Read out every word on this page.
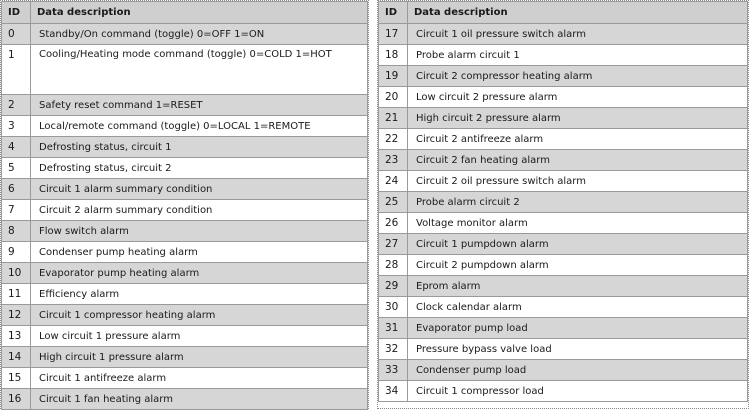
ID	Data description
0	Standby/On command (toggle) 0=OFF 1=ON
1	Cooling/Heating mode command (toggle) 0=COLD 1=HOT
2	Safety reset command 1=RESET
3	Local/remote command (toggle) 0=LOCAL 1=REMOTE
4	Defrosting status, circuit 1
5	Defrosting status, circuit 2
6	Circuit 1 alarm summary condition
7	Circuit 2 alarm summary condition
8	Flow switch alarm
9	Condenser pump heating alarm
10	Evaporator pump heating alarm
11	Efficiency alarm
12	Circuit 1 compressor heating alarm
13	Low circuit 1 pressure alarm
14	High circuit 1 pressure alarm
15	Circuit 1 antifreeze alarm
16	Circuit 1 fan heating alarm
ID	Data description
17	Circuit 1 oil pressure switch alarm
18	Probe alarm circuit 1
19	Circuit 2 compressor heating alarm
20	Low circuit 2 pressure alarm
21	High circuit 2 pressure alarm
22	Circuit 2 antifreeze alarm
23	Circuit 2 fan heating alarm
24	Circuit 2 oil pressure switch alarm
25	Probe alarm circuit 2
26	Voltage monitor alarm
27	Circuit 1 pumpdown alarm
28	Circuit 2 pumpdown alarm
29	Eprom alarm
30	Clock calendar alarm
31	Evaporator pump load
32	Pressure bypass valve load
33	Condenser pump load
34	Circuit 1 compressor load
